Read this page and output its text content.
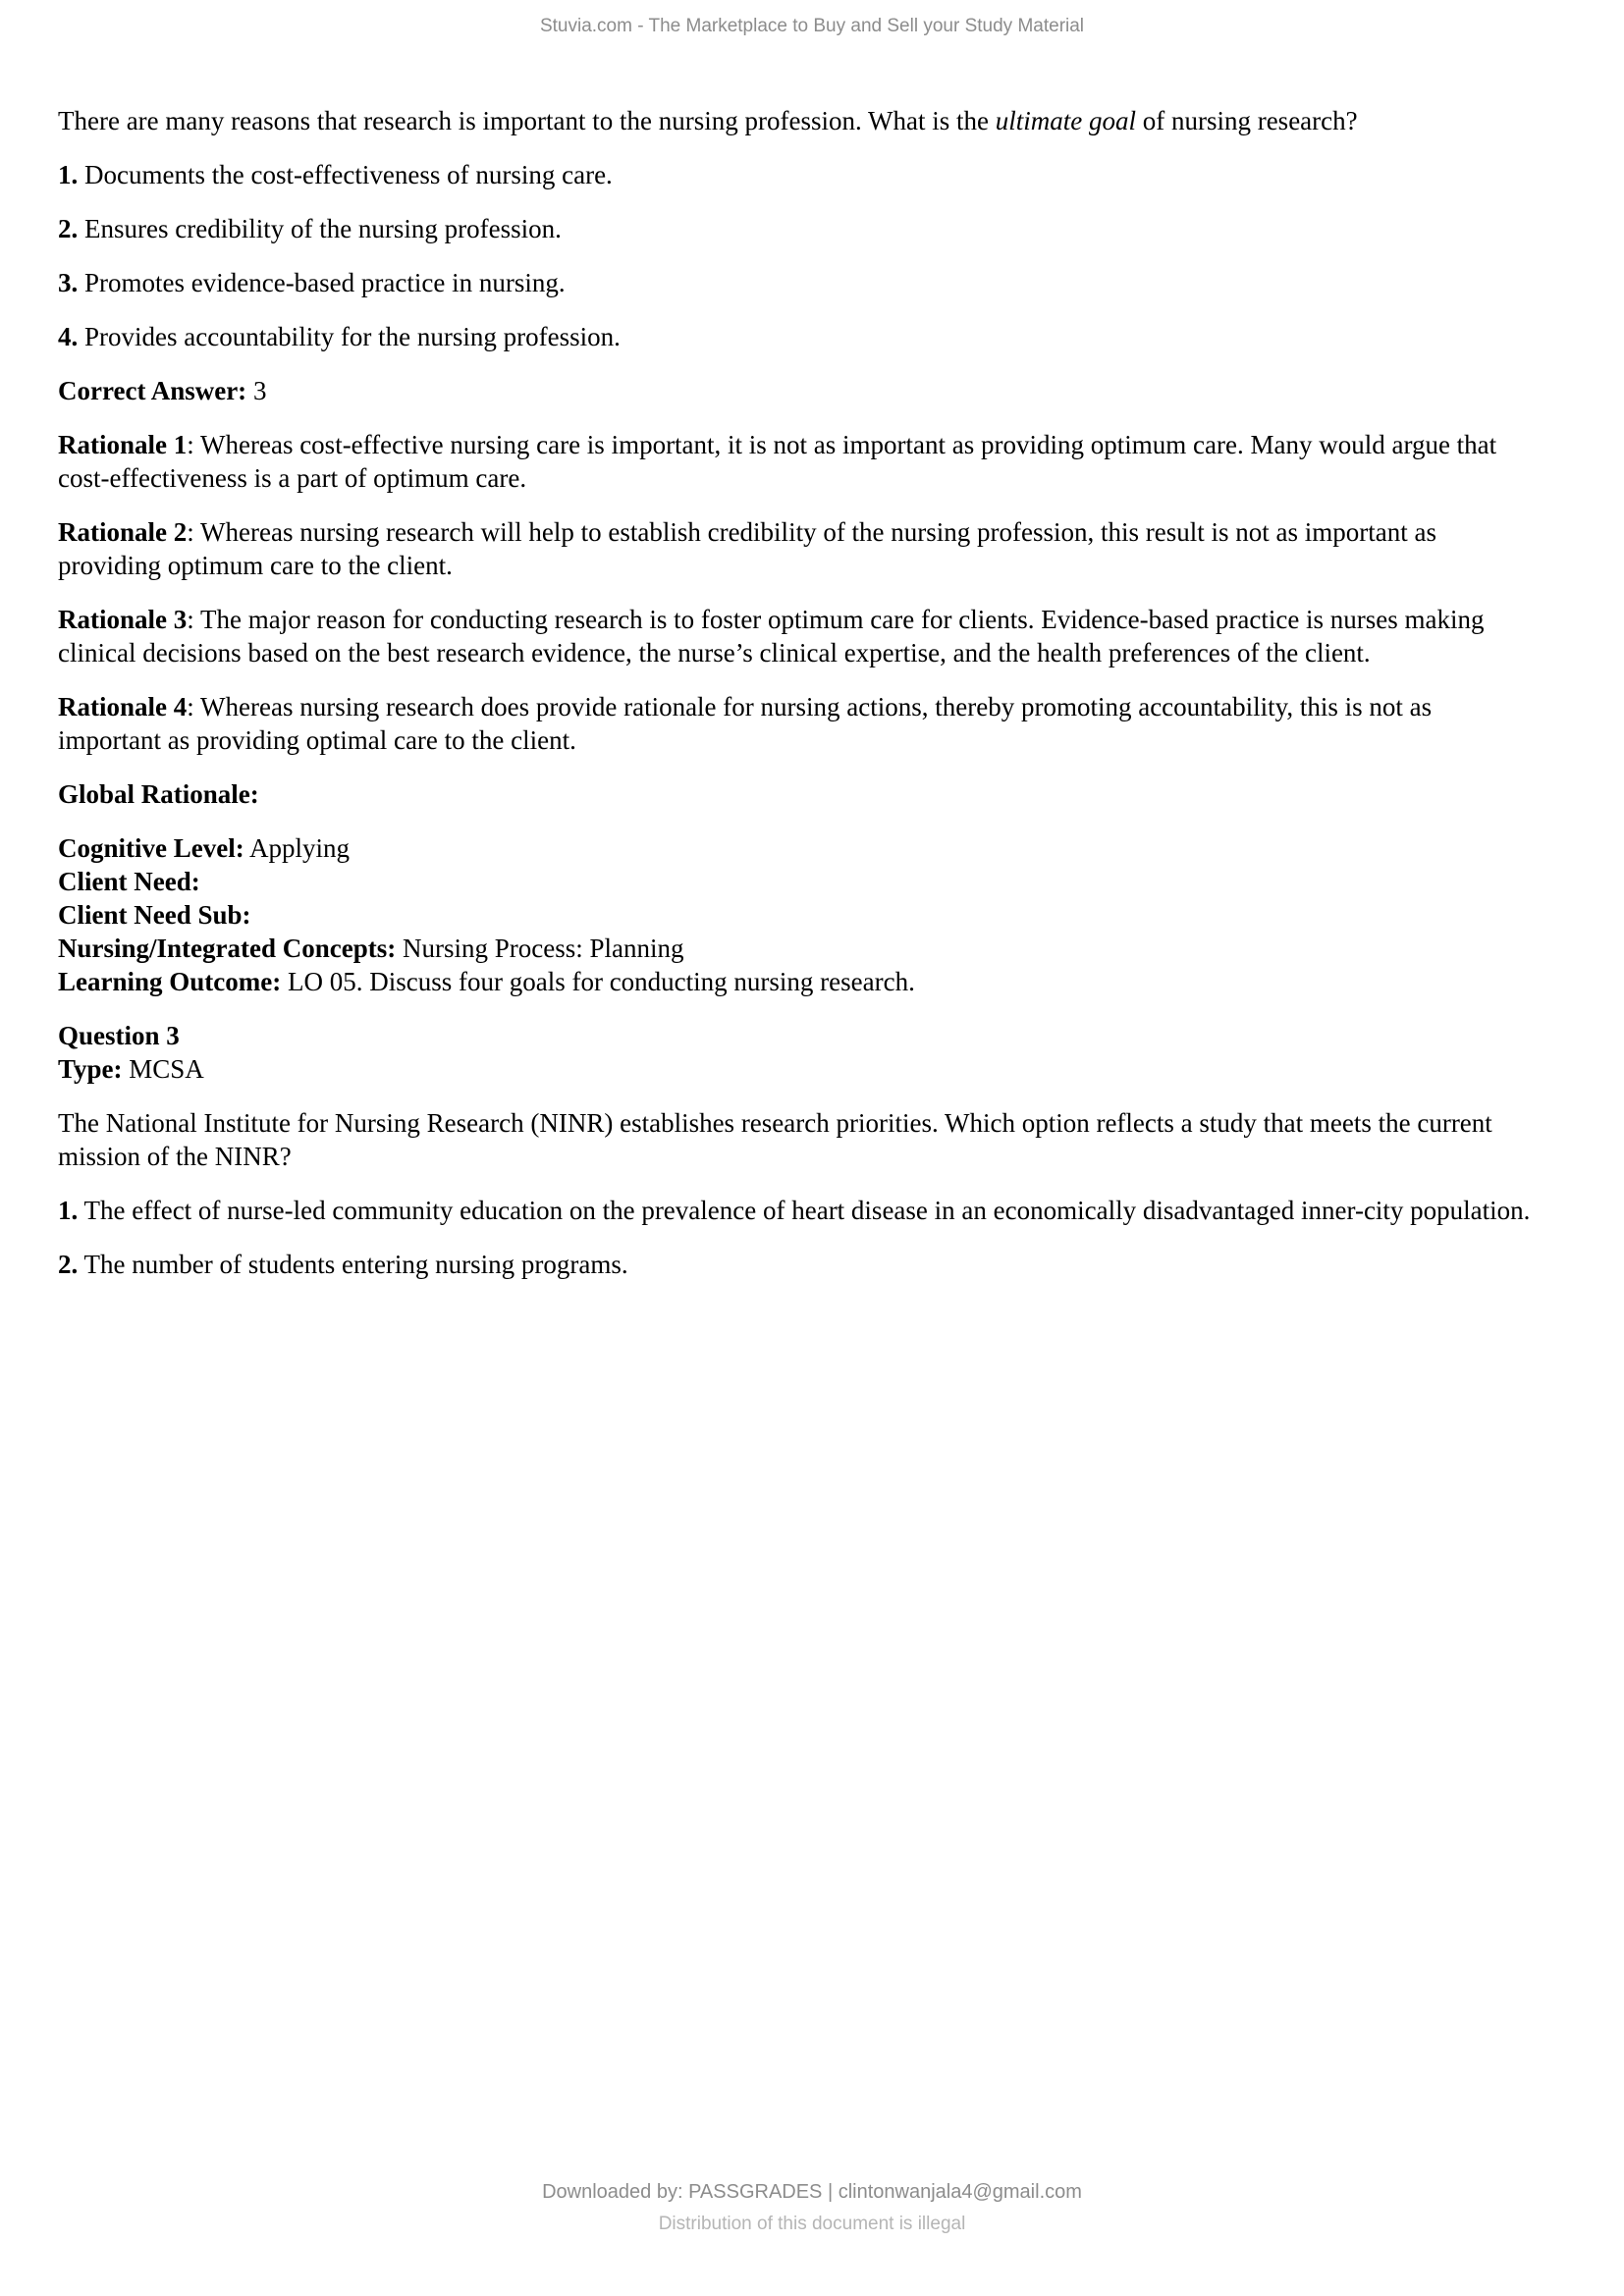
Stuvia.com - The Marketplace to Buy and Sell your Study Material

There are many reasons that research is important to the nursing profession. What is the ultimate goal of nursing research?

1. Documents the cost-effectiveness of nursing care.

2. Ensures credibility of the nursing profession.

3. Promotes evidence-based practice in nursing.

4. Provides accountability for the nursing profession.

Correct Answer: 3

Rationale 1: Whereas cost-effective nursing care is important, it is not as important as providing optimum care. Many would argue that cost-effectiveness is a part of optimum care.

Rationale 2: Whereas nursing research will help to establish credibility of the nursing profession, this result is not as important as providing optimum care to the client.

Rationale 3: The major reason for conducting research is to foster optimum care for clients. Evidence-based practice is nurses making clinical decisions based on the best research evidence, the nurse’s clinical expertise, and the health preferences of the client.

Rationale 4: Whereas nursing research does provide rationale for nursing actions, thereby promoting accountability, this is not as important as providing optimal care to the client.

Global Rationale:

Cognitive Level: Applying
Client Need:
Client Need Sub:
Nursing/Integrated Concepts: Nursing Process: Planning
Learning Outcome: LO 05. Discuss four goals for conducting nursing research.
Question 3
Type: MCSA

The National Institute for Nursing Research (NINR) establishes research priorities. Which option reflects a study that meets the current mission of the NINR?

1. The effect of nurse-led community education on the prevalence of heart disease in an economically disadvantaged inner-city population.

2. The number of students entering nursing programs.

Downloaded by: PASSGRADES | clintonwanjala4@gmail.com
Distribution of this document is illegal
